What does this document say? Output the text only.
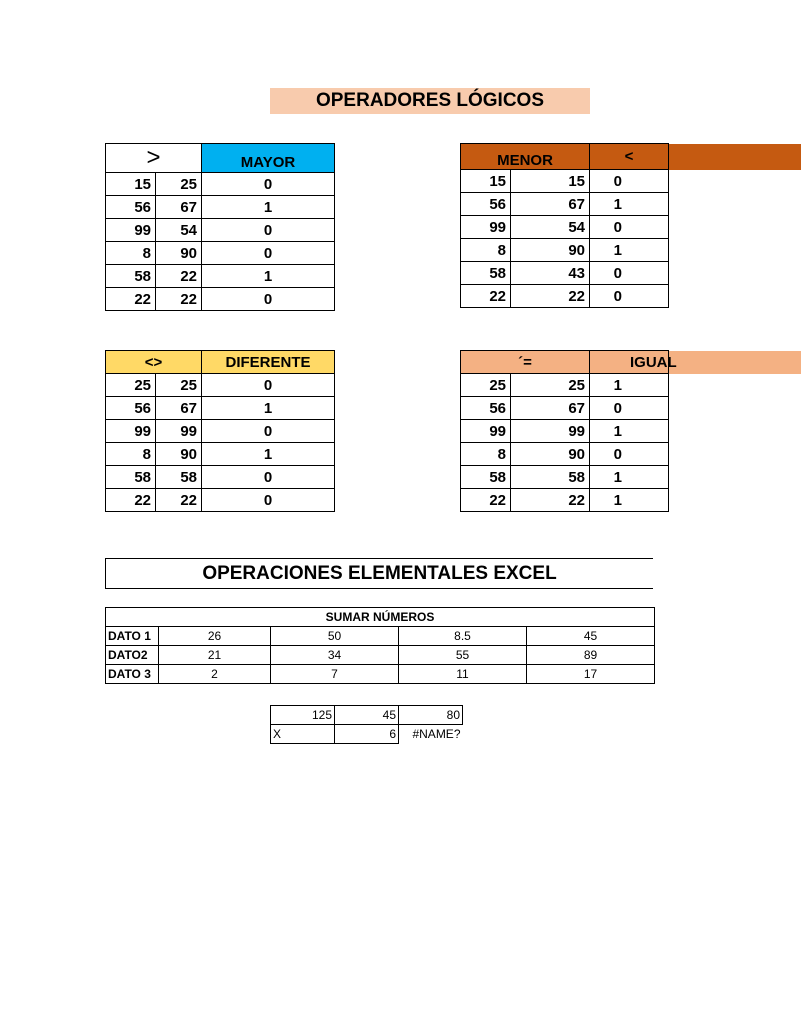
OPERADORES LÓGICOS
>		MAYOR
15	25	0
56	67	1
99	54	0
8	90	0
58	22	1
22	22	0
MENOR		<	
15	15	0	
56	67	1	
99	54	0	
8	90	1	
58	43	0	
22	22	0	
<>		DIFERENTE
25	25	0
56	67	1
99	99	0
8	90	1
58	58	0
22	22	0
´=		IGUAL	
25	25	1	
56	67	0	
99	99	1	
8	90	0	
58	58	1	
22	22	1	
OPERACIONES ELEMENTALES EXCEL
SUMAR NÚMEROS				
DATO 1	26	50	8.5	45
DATO2	21	34	55	89
DATO 3	2	7	11	17
125	45	80
X	6	#NAME?
